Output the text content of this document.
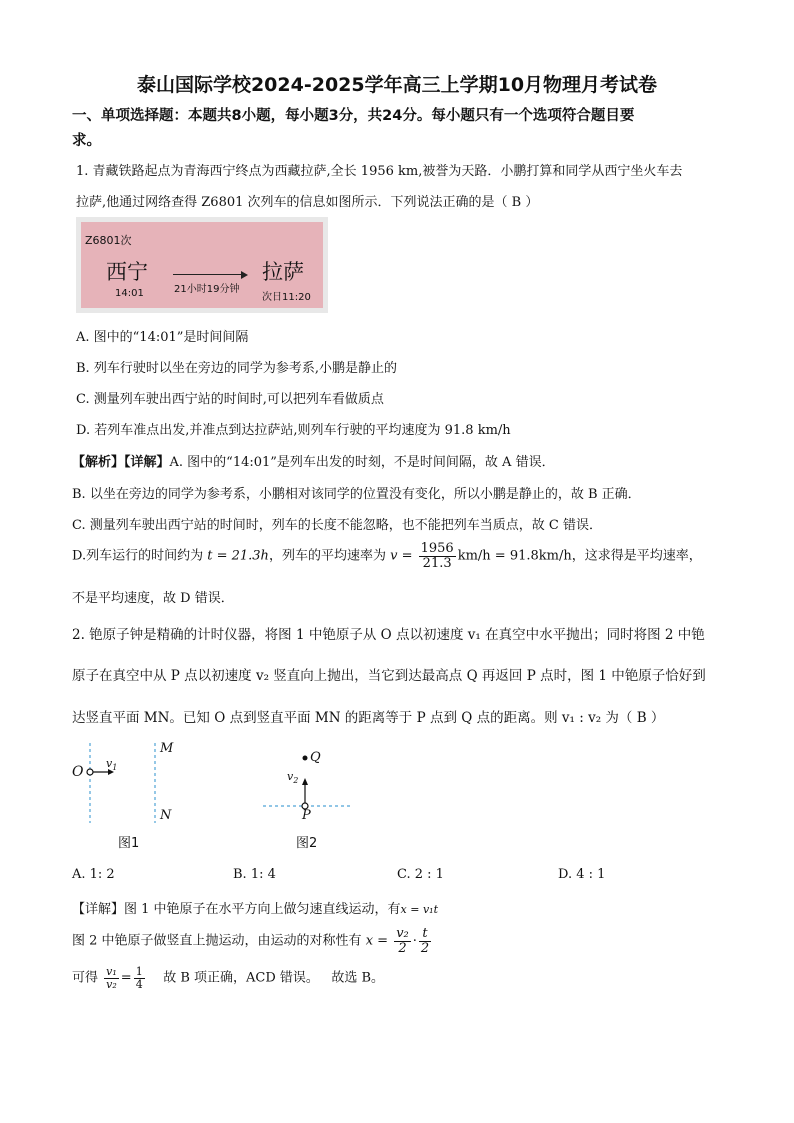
泰山国际学校2024-2025学年高三上学期10月物理月考试卷
一、单项选择题：本题共8小题，每小题3分，共24分。每小题只有一个选项符合题目要
求。
1. 青藏铁路起点为青海西宁终点为西藏拉萨,全长 1956 km,被誉为天路．小鹏打算和同学从西宁坐火车去
拉萨,他通过网络查得 Z6801 次列车的信息如图所示．下列说法正确的是（ B ）
Z6801次
西宁
14:01	21小时19分钟
拉萨
次日11:20
A. 图中的“14:01”是时间间隔
B. 列车行驶时以坐在旁边的同学为参考系,小鹏是静止的
C. 测量列车驶出西宁站的时间时,可以把列车看做质点
D. 若列车准点出发,并准点到达拉萨站,则列车行驶的平均速度为 91.8 km/h
【解析】【详解】A. 图中的“14:01”是列车出发的时刻，不是时间间隔，故 A 错误．
B. 以坐在旁边的同学为参考系，小鹏相对该同学的位置没有变化，所以小鹏是静止的，故 B 正确．
C. 测量列车驶出西宁站的时间时，列车的长度不能忽略，也不能把列车当质点，故 C 错误．
D.列车运行的时间约为 t = 21.3h，列车的平均速率为 $v = \frac{1956}{21.3} km/h = 91.8km/h$，这求得是平均速率，
不是平均速度，故 D 错误．
2. 铯原子钟是精确的计时仪器，将图 1 中铯原子从 O 点以初速度 v₁ 在真空中水平抛出；同时将图 2 中铯
原子在真空中从 P 点以初速度 v₂ 竖直向上抛出，当它到达最高点 Q 再返回 P 点时，图 1 中铯原子恰好到
达竖直平面 MN。已知 O 点到竖直平面 MN 的距离等于 P 点到 Q 点的距离。则 v₁ : v₂ 为（ B ）
O
$v_1$
M
N
图1
Q
$v_2$
P
图2
A. 1: 2	B. 1: 4	C. 2 : 1	D. 4 : 1
【详解】图 1 中铯原子在水平方向上做匀速直线运动，有x = v₁t
图 2 中铯原子做竖直上抛运动，由运动的对称性有 $x = \frac{\text{v₂}}{2} \cdot \frac{t}{2}$
可得 $\frac{\text{v₁}}{\text{v₂}} = \frac{1}{4}$ 故 B 项正确，ACD 错误。   故选 B。
